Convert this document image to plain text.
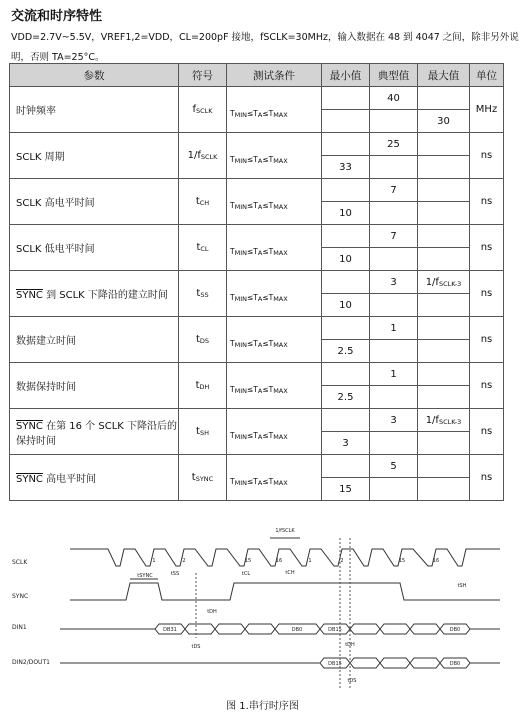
交流和时序特性
VDD=2.7V~5.5V，VREF1,2=VDD，CL=200pF 接地，fSCLK=30MHz，输入数据在 48 到 4047 之间，除非另外说
明，否则 TA=25°C。
参数	符号	测试条件	最小值	典型值	最大值	单位
时钟频率	fSCLK	TMIN≤TA≤TMAX		40		MHz
					30	
SCLK 周期	1/fSCLK	TMIN≤TA≤TMAX		25		ns
			33			
SCLK 高电平时间	tCH	TMIN≤TA≤TMAX		7		ns
			10			
SCLK 低电平时间	tCL	TMIN≤TA≤TMAX		7		ns
			10			
SYNC 到 SCLK 下降沿的建立时间	tSS	TMIN≤TA≤TMAX		3	1/fSCLK-3	ns
			10			
数据建立时间	tDS	TMIN≤TA≤TMAX		1		ns
			2.5			
数据保持时间	tDH	TMIN≤TA≤TMAX		1		ns
			2.5			
SYNC 在第 16 个 SCLK 下降沿后的保持时间	tSH	TMIN≤TA≤TMAX		3	1/fSCLK-3	ns
			3			
SYNC 高电平时间	tSYNC	TMIN≤TA≤TMAX		5		ns
			15			
SCLK
SYNC
DIN1
DIN2/DOUT1
1	2	15	16	1	2	15	16
DB31	DB0	DB15	DB0
DB15	DB0
tSYNC	tSS	tCL	tCH
1/fSCLK
tSH
tDH
tDS	tDH
tDS
图 1.串行时序图
